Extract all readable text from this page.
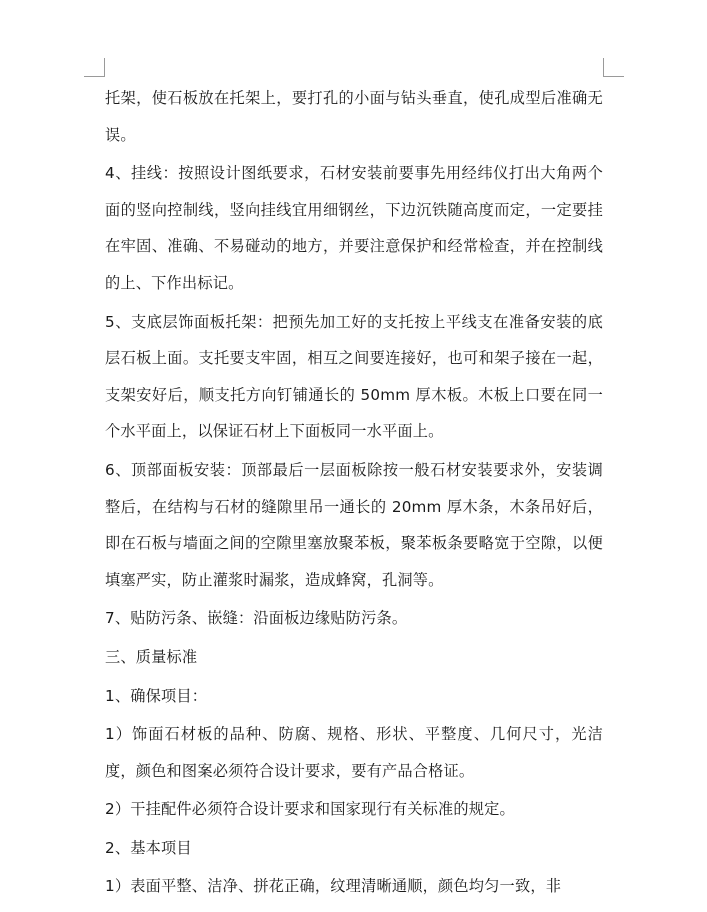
托架，使石板放在托架上，要打孔的小面与钻头垂直，使孔成型后准确无误。

4、挂线：按照设计图纸要求，石材安装前要事先用经纬仪打出大角两个面的竖向控制线，竖向挂线宜用细钢丝，下边沉铁随高度而定，一定要挂在牢固、准确、不易碰动的地方，并要注意保护和经常检查，并在控制线的上、下作出标记。

5、支底层饰面板托架：把预先加工好的支托按上平线支在准备安装的底层石板上面。支托要支牢固，相互之间要连接好，也可和架子接在一起，支架安好后，顺支托方向钉铺通长的 50mm 厚木板。木板上口要在同一个水平面上，以保证石材上下面板同一水平面上。

6、顶部面板安装：顶部最后一层面板除按一般石材安装要求外，安装调整后，在结构与石材的缝隙里吊一通长的 20mm 厚木条，木条吊好后，即在石板与墙面之间的空隙里塞放聚苯板，聚苯板条要略宽于空隙，以便填塞严实，防止灌浆时漏浆，造成蜂窝，孔洞等。

7、贴防污条、嵌缝：沿面板边缘贴防污条。

三、质量标准

1、确保项目：

1）饰面石材板的品种、防腐、规格、形状、平整度、几何尺寸，光洁度，颜色和图案必须符合设计要求，要有产品合格证。

2）干挂配件必须符合设计要求和国家现行有关标准的规定。

2、基本项目

1）表面平整、洁净、拼花正确，纹理清晰通顺，颜色均匀一致，非
